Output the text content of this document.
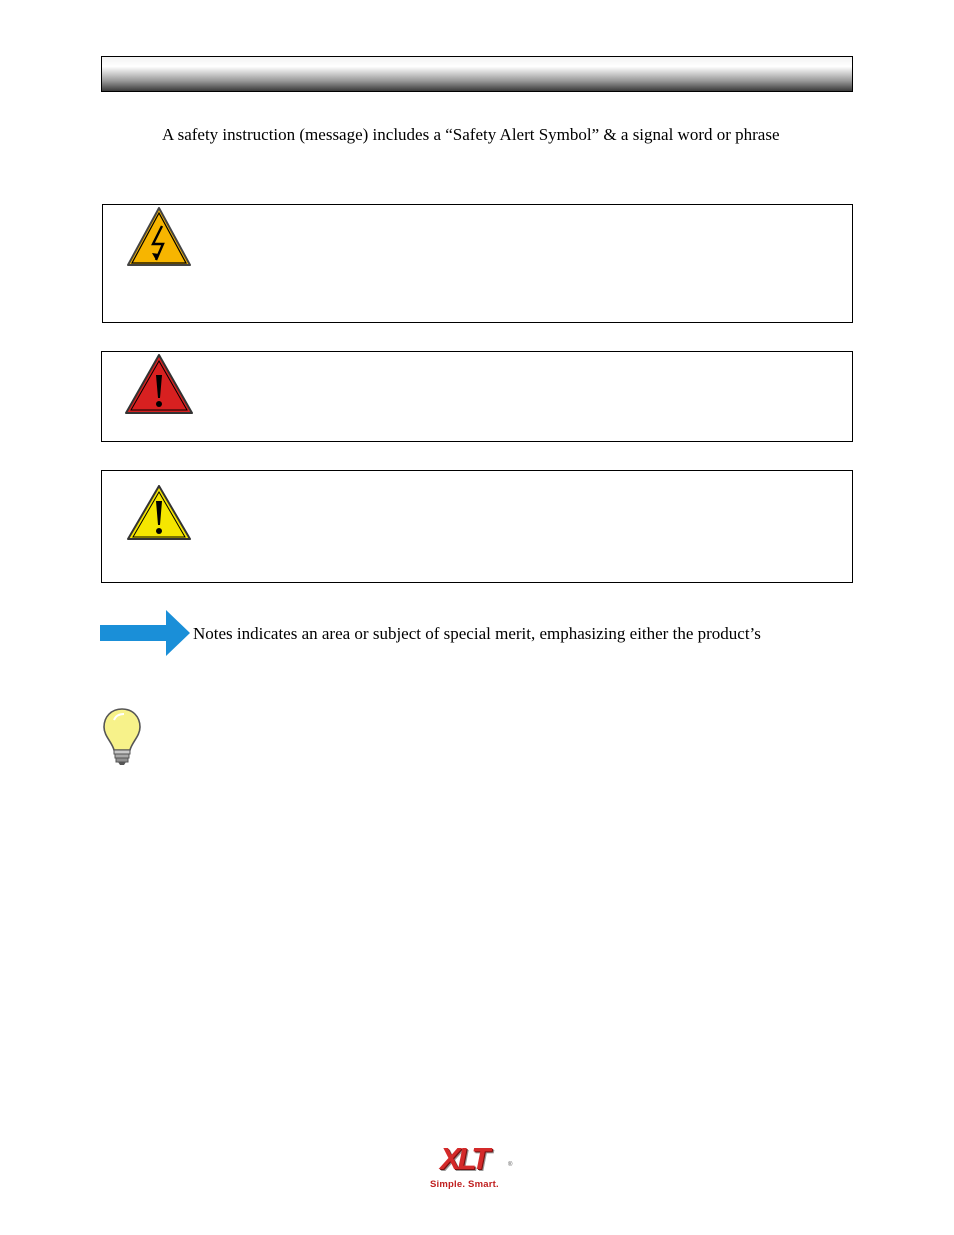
A safety instruction (message) includes a “Safety Alert Symbol” & a signal word or phrase
Notes indicates an area or subject of special merit, emphasizing either the product’s
XLT	®
Simple. Smart.
